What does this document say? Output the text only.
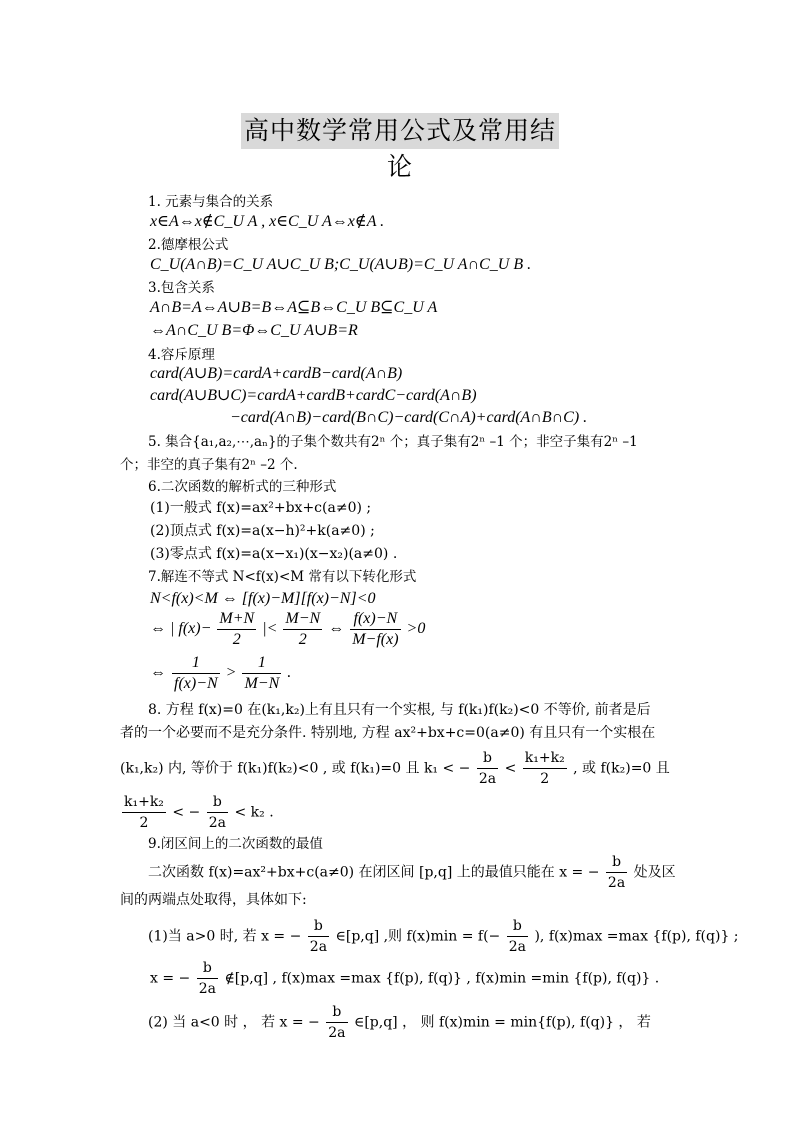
高中数学常用公式及常用结论
1. 元素与集合的关系
x∈A⇔x∉C_U A , x∈C_U A⇔x∉A .
2.德摩根公式
C_U(A∩B)=C_U A∪C_U B;C_U(A∪B)=C_U A∩C_U B .
3.包含关系
A∩B=A⇔A∪B=B⇔A⊆B⇔C_U B⊆C_U A
⇔A∩C_U B=Φ⇔C_U A∪B=R
4.容斥原理
card(A∪B)=cardA+cardB−card(A∩B)
card(A∪B∪C)=cardA+cardB+cardC−card(A∩B)
−card(A∩B)−card(B∩C)−card(C∩A)+card(A∩B∩C) .
5. 集合{a₁,a₂,⋯,aₙ}的子集个数共有2ⁿ 个；真子集有2ⁿ –1 个；非空子集有2ⁿ –1
个；非空的真子集有2ⁿ –2 个.
6.二次函数的解析式的三种形式
(1)一般式 f(x)=ax²+bx+c(a≠0) ;
(2)顶点式 f(x)=a(x−h)²+k(a≠0) ;
(3)零点式 f(x)=a(x−x₁)(x−x₂)(a≠0) .
7.解连不等式 N<f(x)<M 常有以下转化形式
N<f(x)<M ⇔ [f(x)−M][f(x)−N]<0
⇔ | $f(x)- \frac{M+N}{2}$ |< $\frac{M-N}{2}$ ⇔ $\frac{f(x)-N}{M-f(x)} >0$
⇔ $\frac{1}{f(x)-N} > \frac{1}{M-N}$ .
8. 方程 f(x)=0 在(k₁,k₂)上有且只有一个实根, 与 f(k₁)f(k₂)<0 不等价, 前者是后
者的一个必要而不是充分条件. 特别地, 方程 ax²+bx+c=0(a≠0) 有且只有一个实根在
(k₁,k₂) 内, 等价于 f(k₁)f(k₂)<0 , 或 f(k₁)=0 且 k₁ < − $\frac{b}{2a} < \frac{\text{k₁+k₂}}{2}$ , 或 f(k₂)=0 且
$\frac{\text{k₁+k₂}}{2}$ < − $\frac{b}{2a} < k_2$ .
9.闭区间上的二次函数的最值
二次函数 f(x)=ax²+bx+c(a≠0) 在闭区间 [p,q] 上的最值只能在 x = − $\frac{b}{2a}$ 处及区
间的两端点处取得，具体如下:
(1)当 a>0 时, 若 x = − $\frac{b}{2a}$ ∈[p,q] ,则 $f(x)\min = f(- \frac{b}{2a}$ ), f(x)max =max {f(p), f(q)} ;
x = − $\frac{b}{2a}$ ∉[p,q] , f(x)max =max {f(p), f(q)} , f(x)min =min {f(p), f(q)} .
(2) 当 a<0 时 ， 若 x = − $\frac{b}{2a}$ ∈[p,q] ， 则 f(x)min = min{f(p), f(q)} ， 若
